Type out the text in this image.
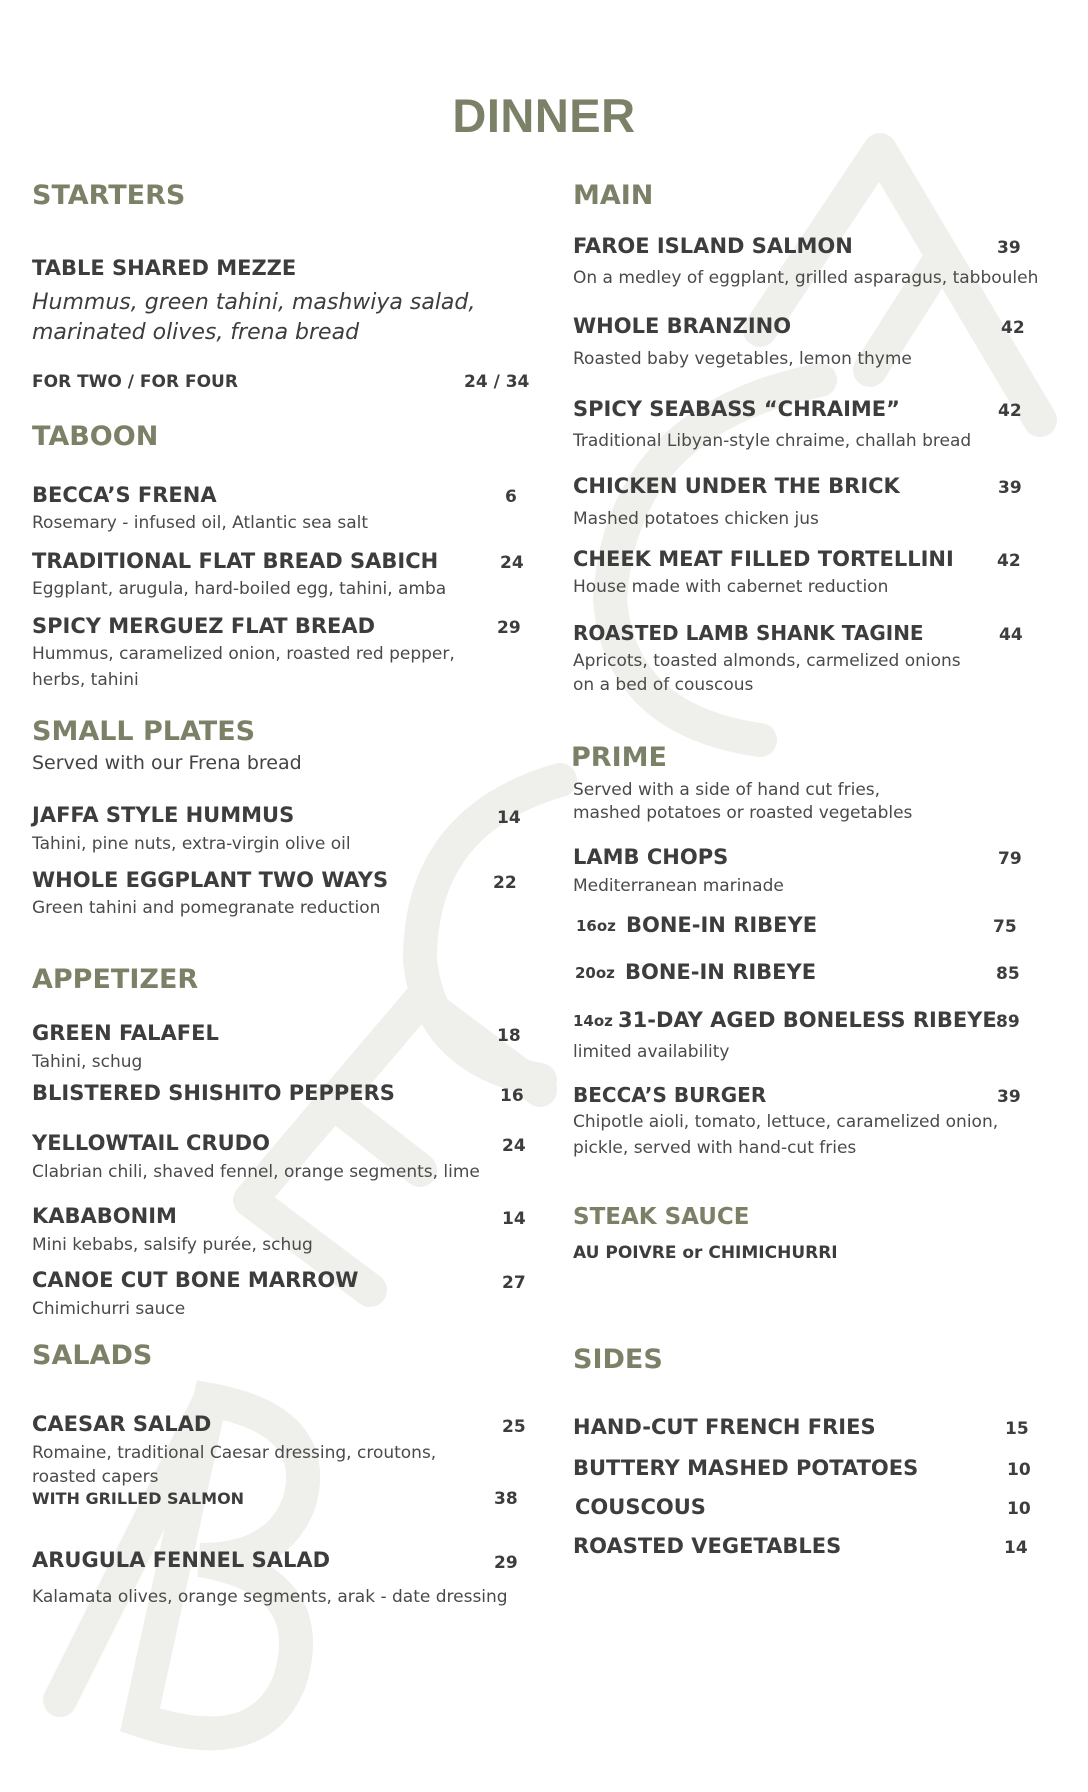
DINNER
STARTERS
TABLE SHARED MEZZE
Hummus, green tahini, mashwiya salad,
marinated olives, frena bread
FOR TWO / FOR FOUR	24 / 34
TABOON
BECCA’S FRENA	6
Rosemary - infused oil, Atlantic sea salt
TRADITIONAL FLAT BREAD SABICH	24
Eggplant, arugula, hard-boiled egg, tahini, amba
SPICY MERGUEZ FLAT BREAD	29
Hummus, caramelized onion, roasted red pepper,
herbs, tahini
SMALL PLATES
Served with our Frena bread
JAFFA STYLE HUMMUS	14
Tahini, pine nuts, extra-virgin olive oil
WHOLE EGGPLANT TWO WAYS	22
Green tahini and pomegranate reduction
APPETIZER
GREEN FALAFEL	18
Tahini, schug
BLISTERED SHISHITO PEPPERS	16
YELLOWTAIL CRUDO	24
Clabrian chili, shaved fennel, orange segments, lime
KABABONIM	14
Mini kebabs, salsify purée, schug
CANOE CUT BONE MARROW	27
Chimichurri sauce
SALADS
CAESAR SALAD	25
Romaine, traditional Caesar dressing, croutons,
roasted capers
WITH GRILLED SALMON	38
ARUGULA FENNEL SALAD	29
Kalamata olives, orange segments, arak - date dressing
MAIN
FAROE ISLAND SALMON	39
On a medley of eggplant, grilled asparagus, tabbouleh
WHOLE BRANZINO	42
Roasted baby vegetables, lemon thyme
SPICY SEABASS “CHRAIME”	42
Traditional Libyan-style chraime, challah bread
CHICKEN UNDER THE BRICK	39
Mashed potatoes chicken jus
CHEEK MEAT FILLED TORTELLINI	42
House made with cabernet reduction
ROASTED LAMB SHANK TAGINE	44
Apricots, toasted almonds, carmelized onions
on a bed of couscous
PRIME
Served with a side of hand cut fries,
mashed potatoes or roasted vegetables
LAMB CHOPS	79
Mediterranean marinade
16oz BONE-IN RIBEYE	75
20oz BONE-IN RIBEYE	85
14oz 31-DAY AGED BONELESS RIBEYE 89
limited availability
BECCA’S BURGER	39
Chipotle aioli, tomato, lettuce, caramelized onion,
pickle, served with hand-cut fries
STEAK SAUCE
AU POIVRE or CHIMICHURRI
SIDES
HAND-CUT FRENCH FRIES	15
BUTTERY MASHED POTATOES	10
COUSCOUS	10
ROASTED VEGETABLES	14
